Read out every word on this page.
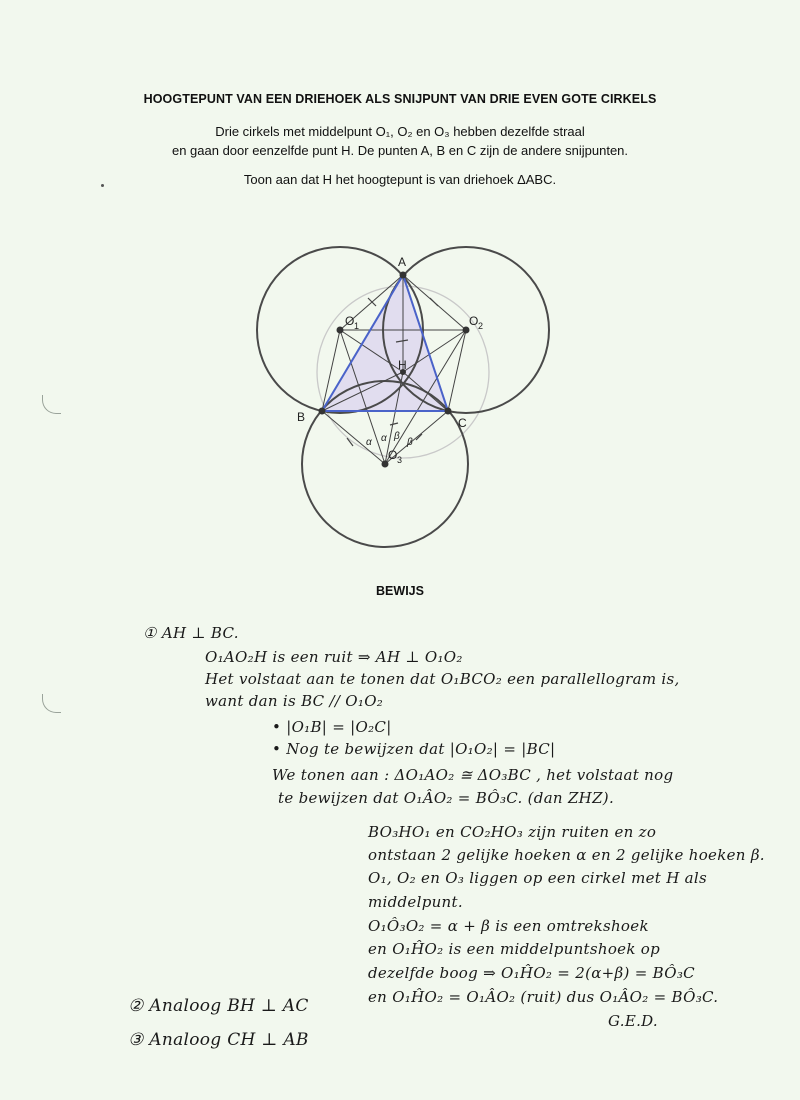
HOOGTEPUNT VAN EEN DRIEHOEK ALS SNIJPUNT VAN DRIE EVEN GOTE CIRKELS

Drie cirkels met middelpunt O₁, O₂ en O₃ hebben dezelfde straal

en gaan door eenzelfde punt H. De punten A, B en C zijn de andere snijpunten.

Toon aan dat H het hoogtepunt is van driehoek ΔABC.

A
B	C
H
O 1	O 2
O 3
α α β
β
BEWIJS
① AH ⊥ BC.
O₁AO₂H is een ruit ⇒ AH ⊥ O₁O₂
Het volstaat aan te tonen dat O₁BCO₂ een parallellogram is,
want dan is BC // O₁O₂
• |O₁B| = |O₂C|
• Nog te bewijzen dat |O₁O₂| = |BC|
We tonen aan : ΔO₁AO₂ ≅ ΔO₃BC , het volstaat nog
te bewijzen dat O₁ÂO₂ = BÔ₃C. (dan ZHZ).
BO₃HO₁ en CO₂HO₃ zijn ruiten en zo
ontstaan 2 gelijke hoeken α en 2 gelijke hoeken β.
O₁, O₂ en O₃ liggen op een cirkel met H als
middelpunt.
O₁Ô₃O₂ = α + β is een omtrekshoek
en O₁ĤO₂ is een middelpuntshoek op
dezelfde boog ⇒ O₁ĤO₂ = 2(α+β) = BÔ₃C
en O₁ĤO₂ = O₁ÂO₂ (ruit) dus O₁ÂO₂ = BÔ₃C.
G.E.D.
② Analoog BH ⊥ AC
③ Analoog CH ⊥ AB
